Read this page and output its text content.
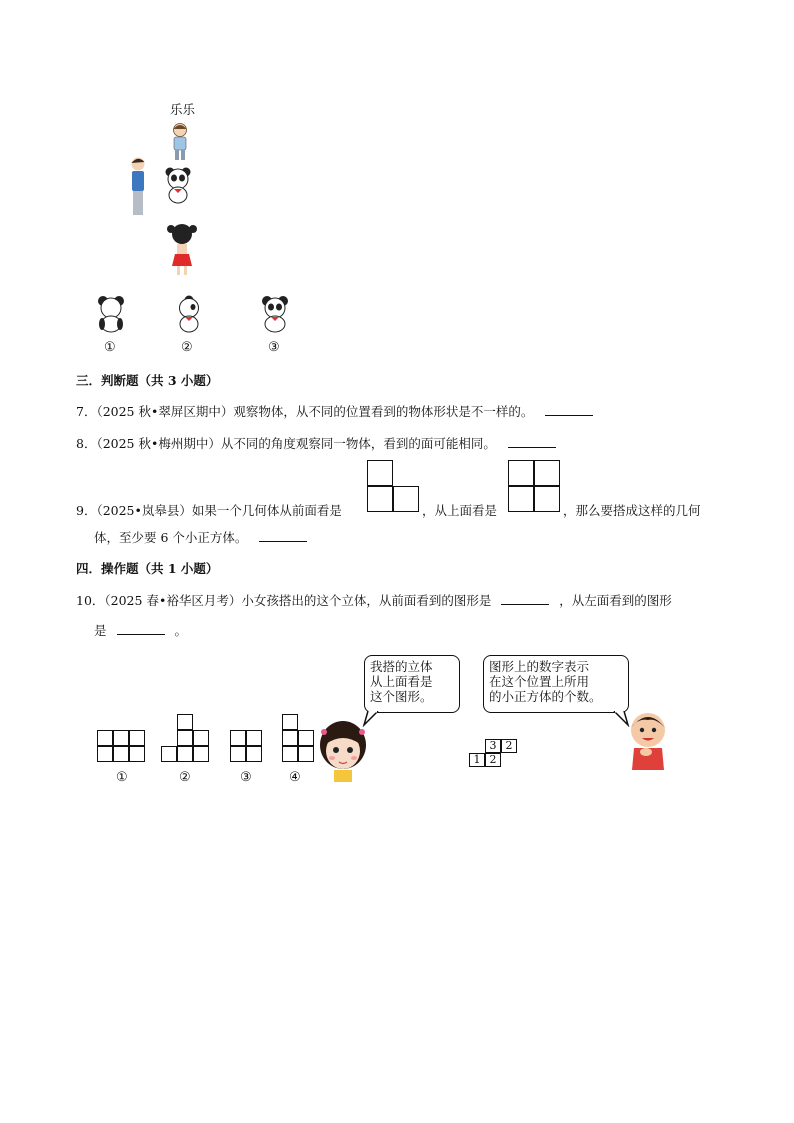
乐乐
①	②	③
三．判断题（共 3 小题）
7．（2025 秋•翠屏区期中）观察物体，从不同的位置看到的物体形状是不一样的。
8．（2025 秋•梅州期中）从不同的角度观察同一物体，看到的面可能相同。
9．（2025•岚皋县）如果一个几何体从前面看是	，从上面看是	，那么要搭成这样的几何
体，至少要 6 个小正方体。
四．操作题（共 1 小题）
10．（2025 春•裕华区月考）小女孩搭出的这个立体，从前面看到的图形是	，从左面看到的图形
是	。
①	②	③	④
我搭的立体
从上面看是
这个图形。
3 2
1 2
图形上的数字表示
在这个位置上所用
的小正方体的个数。
